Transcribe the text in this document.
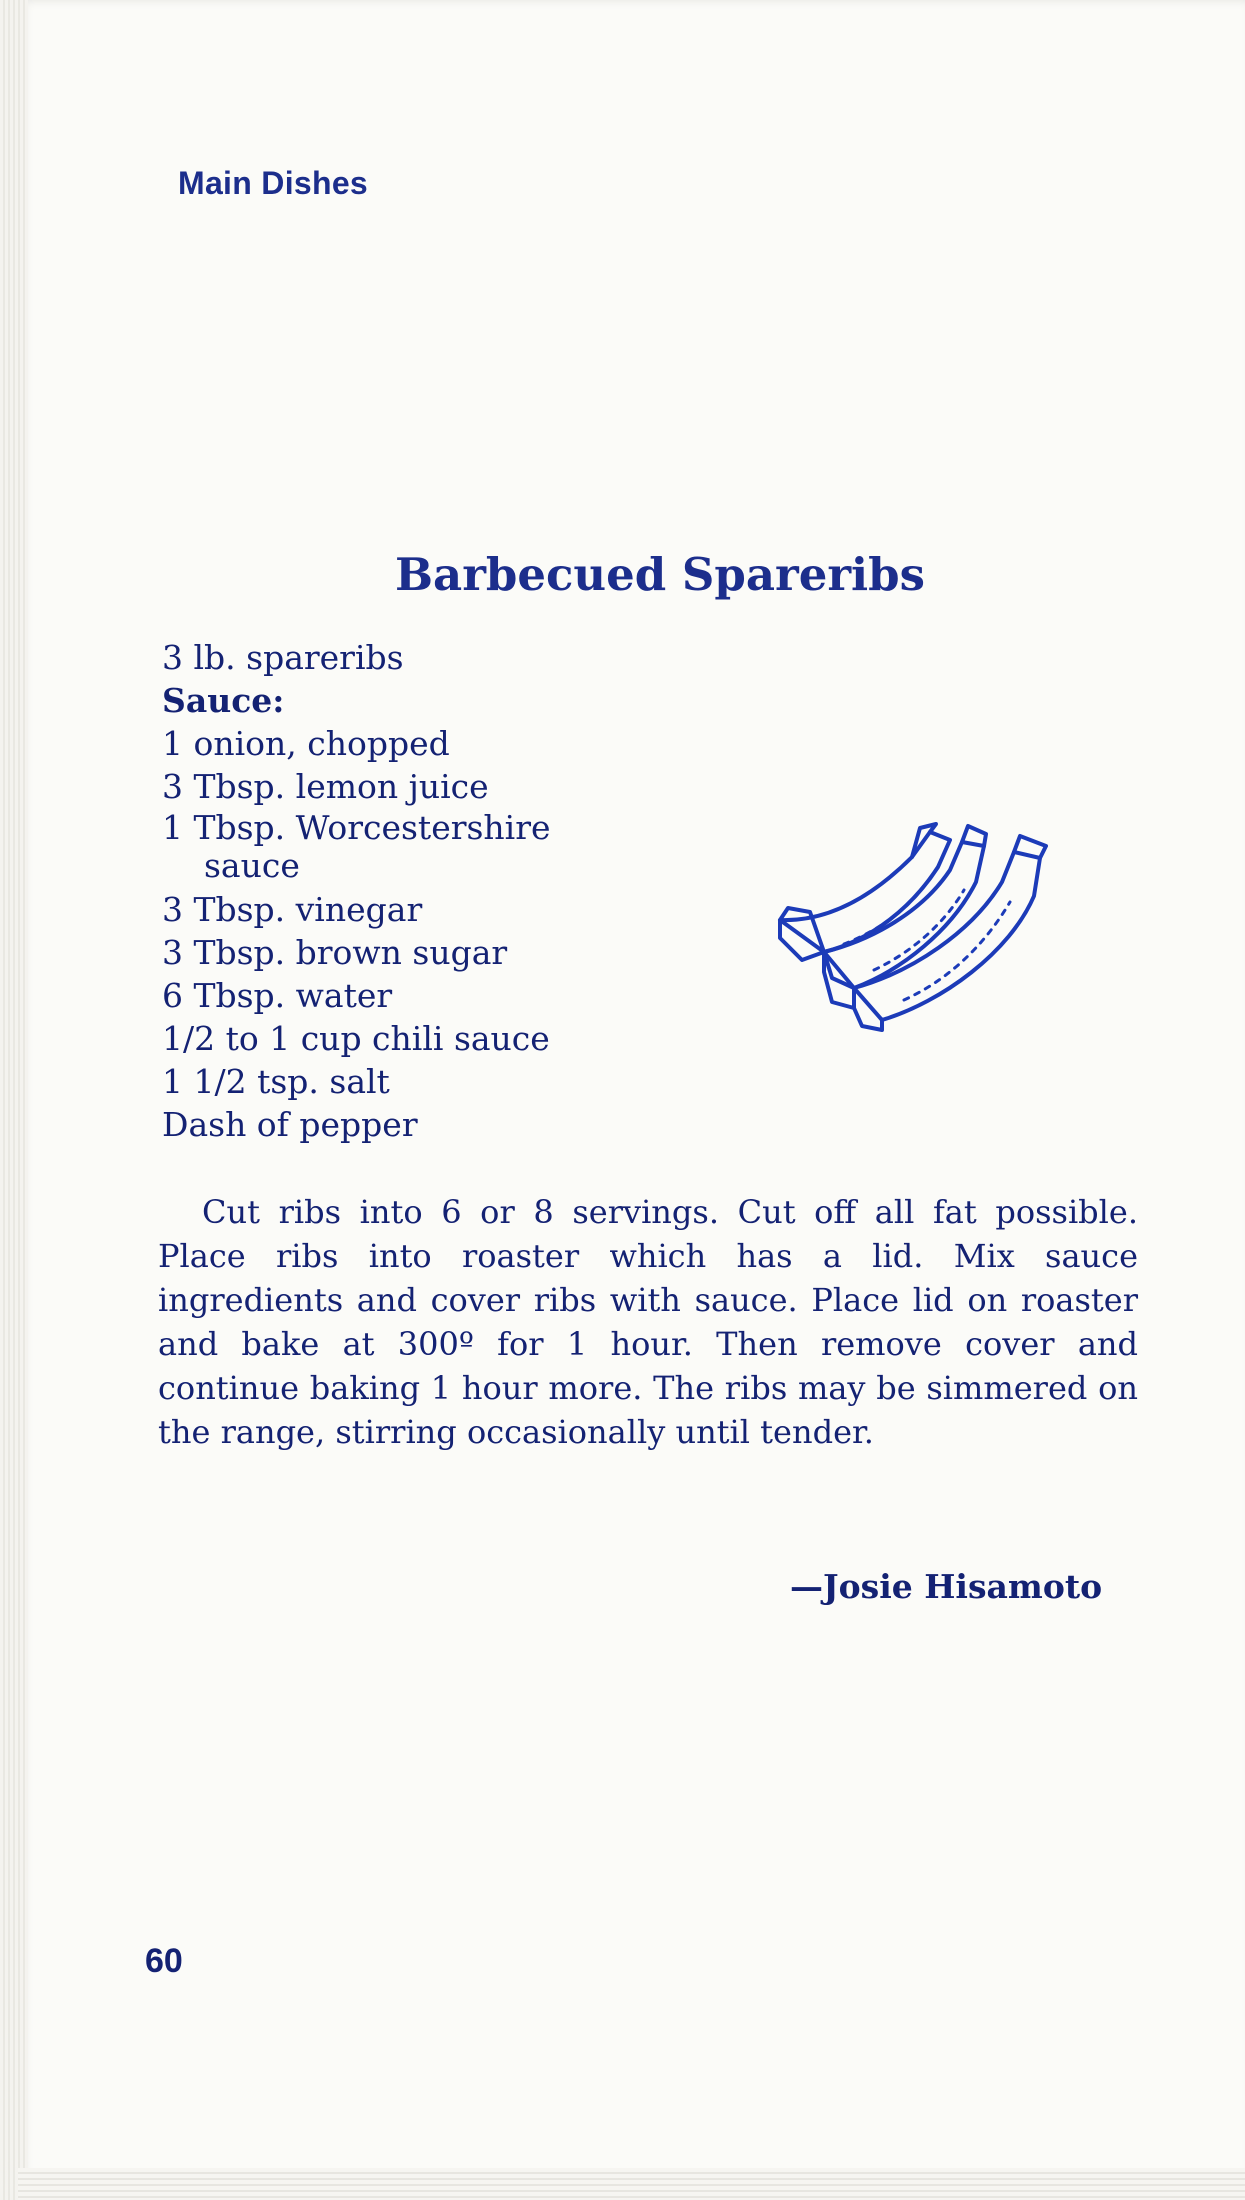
Main Dishes
Barbecued Spareribs
3 lb. spareribs
Sauce:
1 onion, chopped
3 Tbsp. lemon juice
1 Tbsp. Worcestershire
sauce
3 Tbsp. vinegar
3 Tbsp. brown sugar
6 Tbsp. water
1/2 to 1 cup chili sauce
1 1/2 tsp. salt
Dash of pepper

Cut ribs into 6 or 8 servings. Cut off all fat possible. Place ribs into roaster which has a lid. Mix sauce ingredients and cover ribs with sauce. Place lid on roaster and bake at 300º for 1 hour. Then remove cover and continue baking 1 hour more. The ribs may be simmered on the range, stirring occasionally until tender.

—Josie Hisamoto
60
